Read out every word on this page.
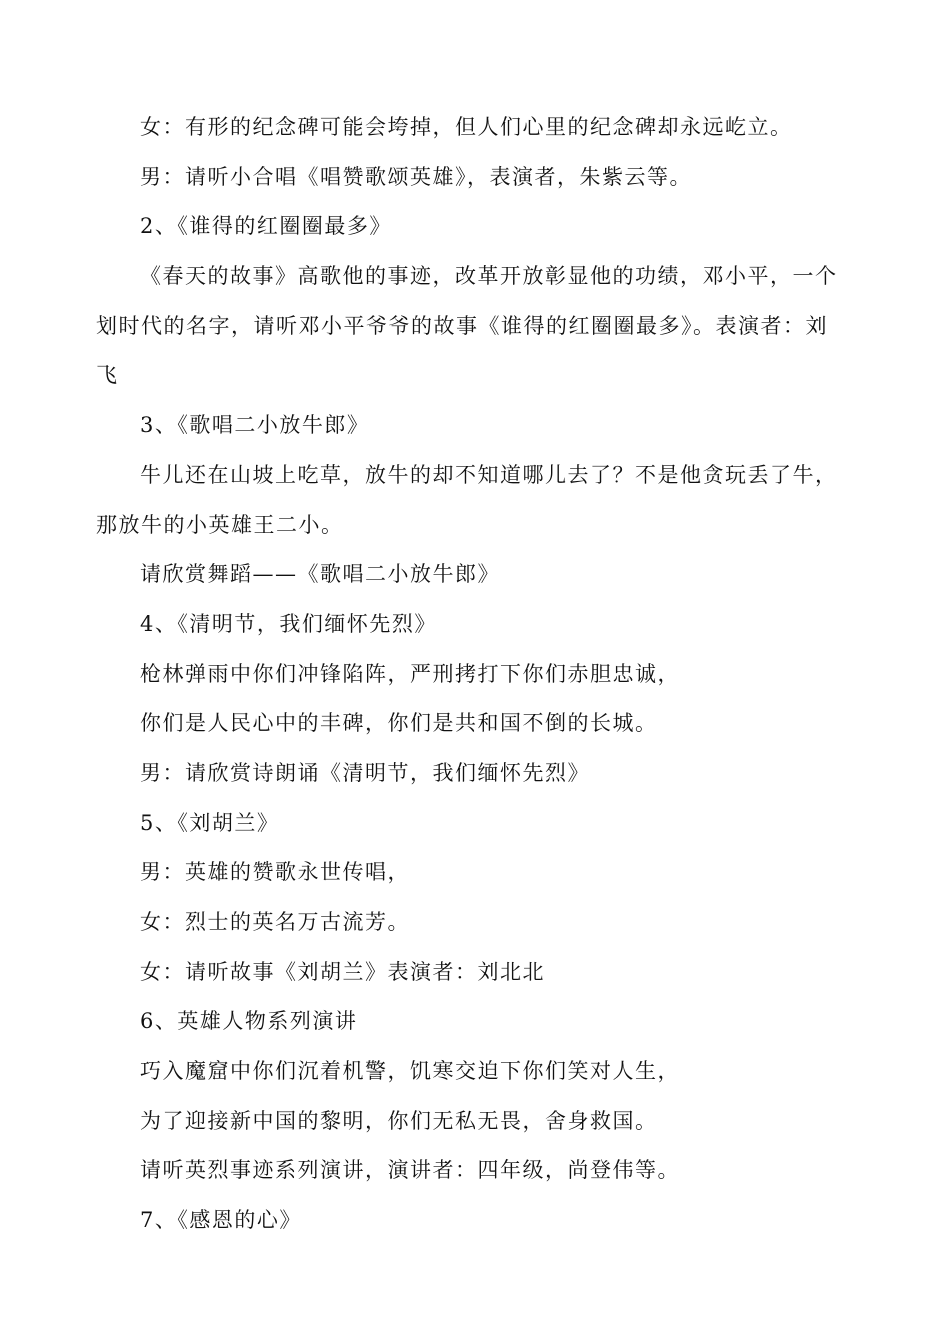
女：有形的纪念碑可能会垮掉，但人们心里的纪念碑却永远屹立。
男：请听小合唱《唱赞歌颂英雄》，表演者，朱紫云等。
2、《谁得的红圈圈最多》
《春天的故事》高歌他的事迹，改革开放彰显他的功绩，邓小平，一个
划时代的名字，请听邓小平爷爷的故事《谁得的红圈圈最多》。表演者：刘
飞
3、《歌唱二小放牛郎》
牛儿还在山坡上吃草，放牛的却不知道哪儿去了？不是他贪玩丢了牛，
那放牛的小英雄王二小。
请欣赏舞蹈——《歌唱二小放牛郎》
4、《清明节，我们缅怀先烈》
枪林弹雨中你们冲锋陷阵，严刑拷打下你们赤胆忠诚，
你们是人民心中的丰碑，你们是共和国不倒的长城。
男：请欣赏诗朗诵《清明节，我们缅怀先烈》
5、《刘胡兰》
男：英雄的赞歌永世传唱，
女：烈士的英名万古流芳。
女：请听故事《刘胡兰》表演者：刘北北
6、英雄人物系列演讲
巧入魔窟中你们沉着机警，饥寒交迫下你们笑对人生，
为了迎接新中国的黎明，你们无私无畏，舍身救国。
请听英烈事迹系列演讲，演讲者：四年级，尚登伟等。
7、《感恩的心》
